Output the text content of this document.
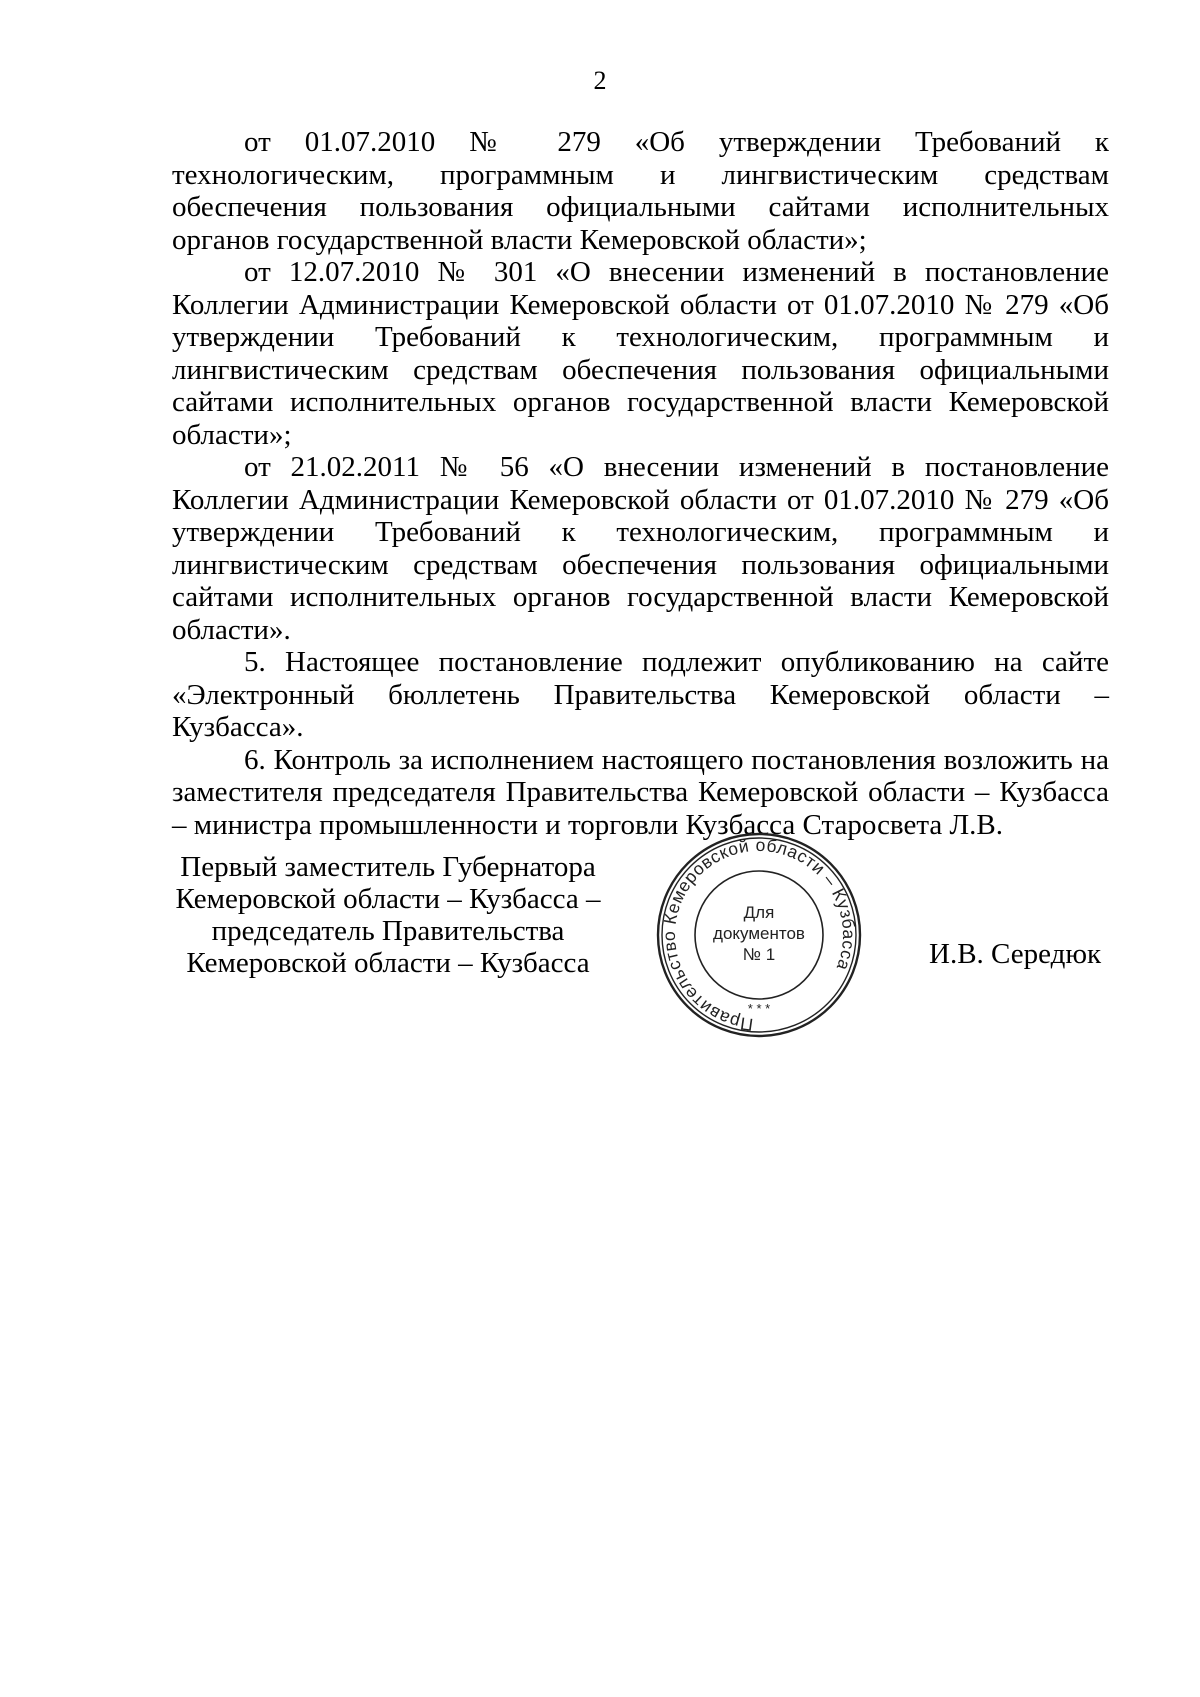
2

от 01.07.2010 № 279 «Об утверждении Требований к технологическим, программным и лингвистическим средствам обеспечения пользования официальными сайтами исполнительных органов государственной власти Кемеровской области»;

от 12.07.2010 № 301 «О внесении изменений в постановление Коллегии Администрации Кемеровской области от 01.07.2010 № 279 «Об утверждении Требований к технологическим, программным и лингвистическим средствам обеспечения пользования официальными сайтами исполнительных органов государственной власти Кемеровской области»;

от 21.02.2011 № 56 «О внесении изменений в постановление Коллегии Администрации Кемеровской области от 01.07.2010 № 279 «Об утверждении Требований к технологическим, программным и лингвистическим средствам обеспечения пользования официальными сайтами исполнительных органов государственной власти Кемеровской области».

5. Настоящее постановление подлежит опубликованию на сайте «Электронный бюллетень Правительства Кемеровской области – Кузбасса».

6. Контроль за исполнением настоящего постановления возложить на заместителя председателя Правительства Кемеровской области – Кузбасса – министра промышленности и торговли Кузбасса Старосвета Л.В.

Первый заместитель Губернатора
Кемеровской области – Кузбасса –
председатель Правительства
Кемеровской области – Кузбасса
Правительство Кемеровской области – Кузбасса
* * *
Для
документов
№ 1	И.В. Середюк
